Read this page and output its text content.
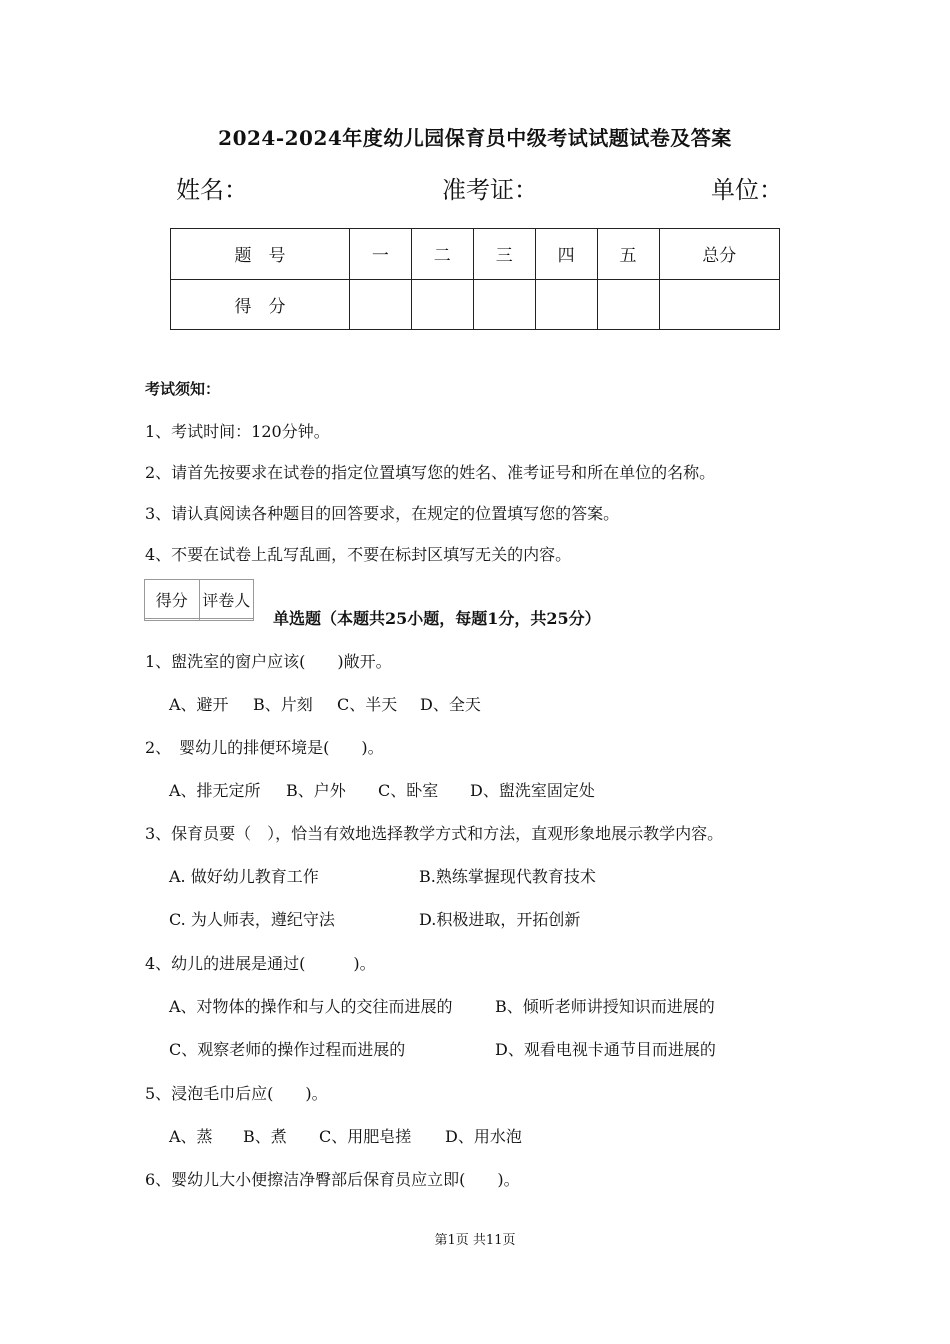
2024-2024年度幼儿园保育员中级考试试题试卷及答案
姓名：	准考证：	单位：
题　号	一	二	三	四	五	总分
得　分						
考试须知：
1、考试时间：120分钟。
2、请首先按要求在试卷的指定位置填写您的姓名、准考证号和所在单位的名称。
3、请认真阅读各种题目的回答要求，在规定的位置填写您的答案。
4、不要在试卷上乱写乱画，不要在标封区填写无关的内容。
得分	评卷人

单选题（本题共25小题，每题1分，共25分）
1、盥洗室的窗户应该(　　)敞开。
A、避开 B、片刻 C、半天 D、全天
2、　婴幼儿的排便环境是(　　)。
A、排无定所 B、户外 C、卧室 D、盥洗室固定处
3、保育员要（　），恰当有效地选择教学方式和方法，直观形象地展示教学内容。
A. 做好幼儿教育工作	B.熟练掌握现代教育技术
C. 为人师表，遵纪守法	D.积极进取，开拓创新
4、幼儿的进展是通过(　　　)。
A、对物体的操作和与人的交往而进展的	B、倾听老师讲授知识而进展的
C、观察老师的操作过程而进展的	D、观看电视卡通节目而进展的
5、浸泡毛巾后应(　　)。
A、蒸 B、煮 C、用肥皂搓 D、用水泡
6、婴幼儿大小便擦洁净臀部后保育员应立即(　　)。
第1页 共11页
